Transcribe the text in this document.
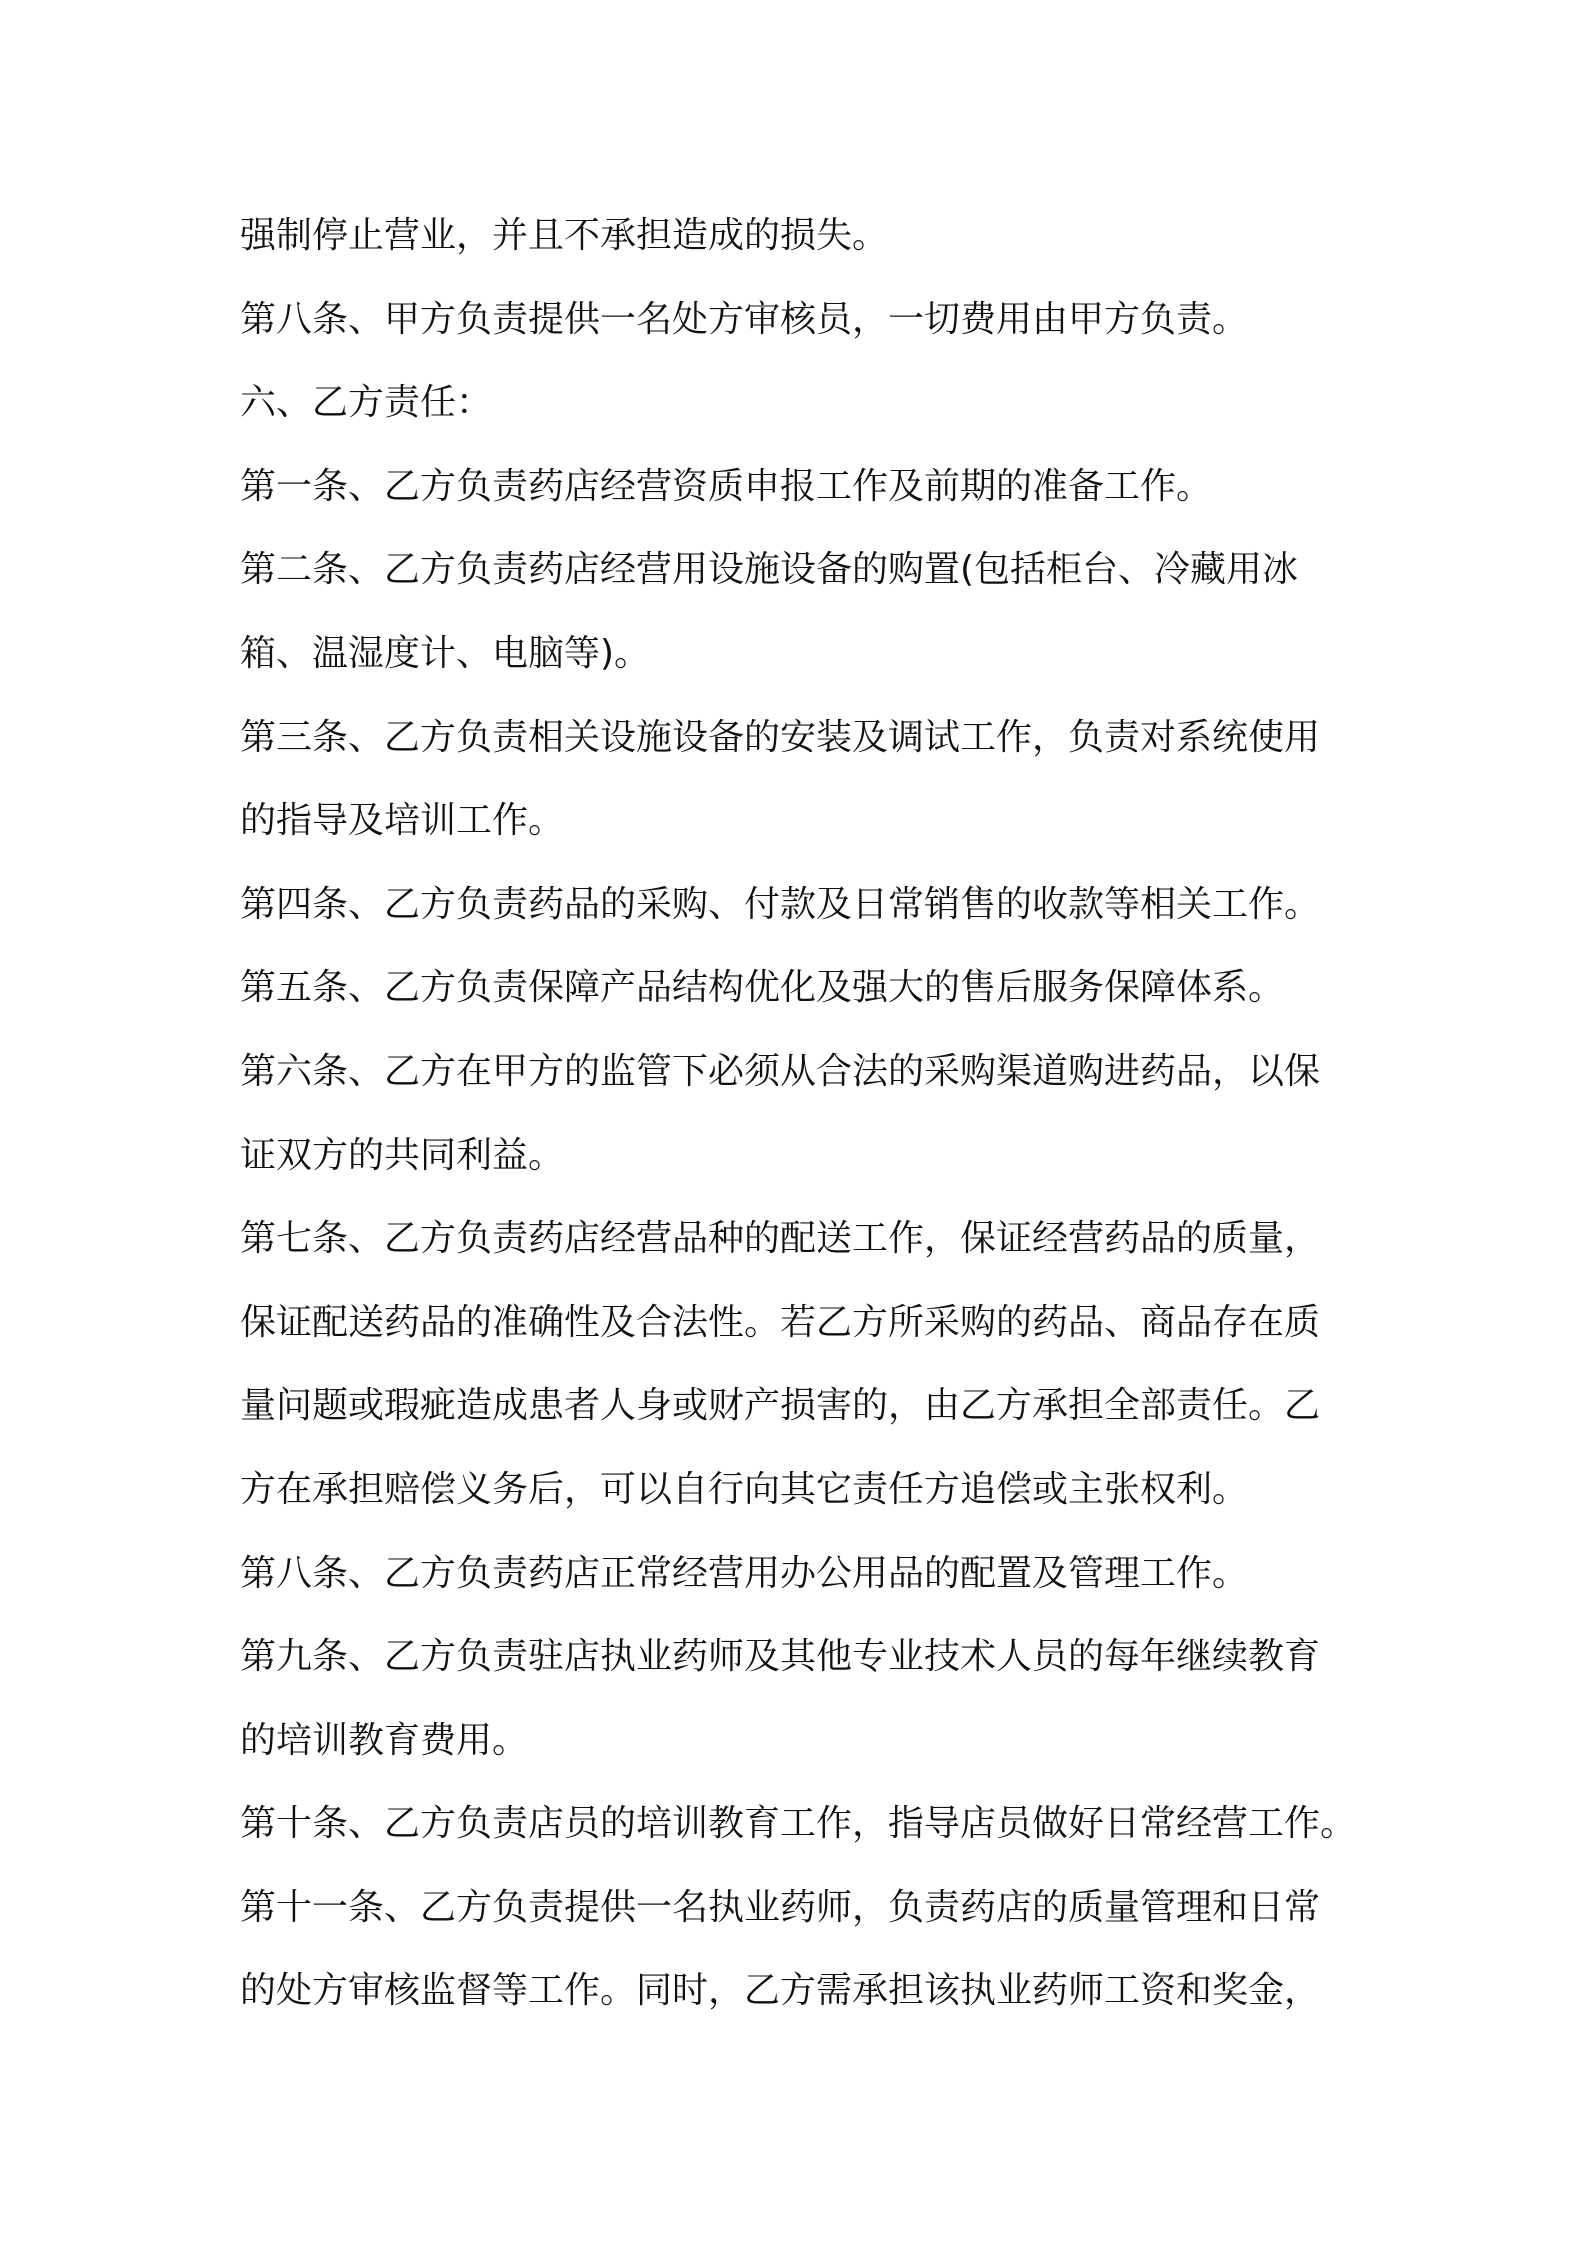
强制停止营业，并且不承担造成的损失。
第八条、甲方负责提供一名处方审核员，一切费用由甲方负责。
六、乙方责任：
第一条、乙方负责药店经营资质申报工作及前期的准备工作。
第二条、乙方负责药店经营用设施设备的购置(包括柜台、冷藏用冰
箱、温湿度计、电脑等)。
第三条、乙方负责相关设施设备的安装及调试工作，负责对系统使用
的指导及培训工作。
第四条、乙方负责药品的采购、付款及日常销售的收款等相关工作。
第五条、乙方负责保障产品结构优化及强大的售后服务保障体系。
第六条、乙方在甲方的监管下必须从合法的采购渠道购进药品，以保
证双方的共同利益。
第七条、乙方负责药店经营品种的配送工作，保证经营药品的质量，
保证配送药品的准确性及合法性。若乙方所采购的药品、商品存在质
量问题或瑕疵造成患者人身或财产损害的，由乙方承担全部责任。乙
方在承担赔偿义务后，可以自行向其它责任方追偿或主张权利。
第八条、乙方负责药店正常经营用办公用品的配置及管理工作。
第九条、乙方负责驻店执业药师及其他专业技术人员的每年继续教育
的培训教育费用。
第十条、乙方负责店员的培训教育工作，指导店员做好日常经营工作。
第十一条、乙方负责提供一名执业药师，负责药店的质量管理和日常
的处方审核监督等工作。同时，乙方需承担该执业药师工资和奖金，
